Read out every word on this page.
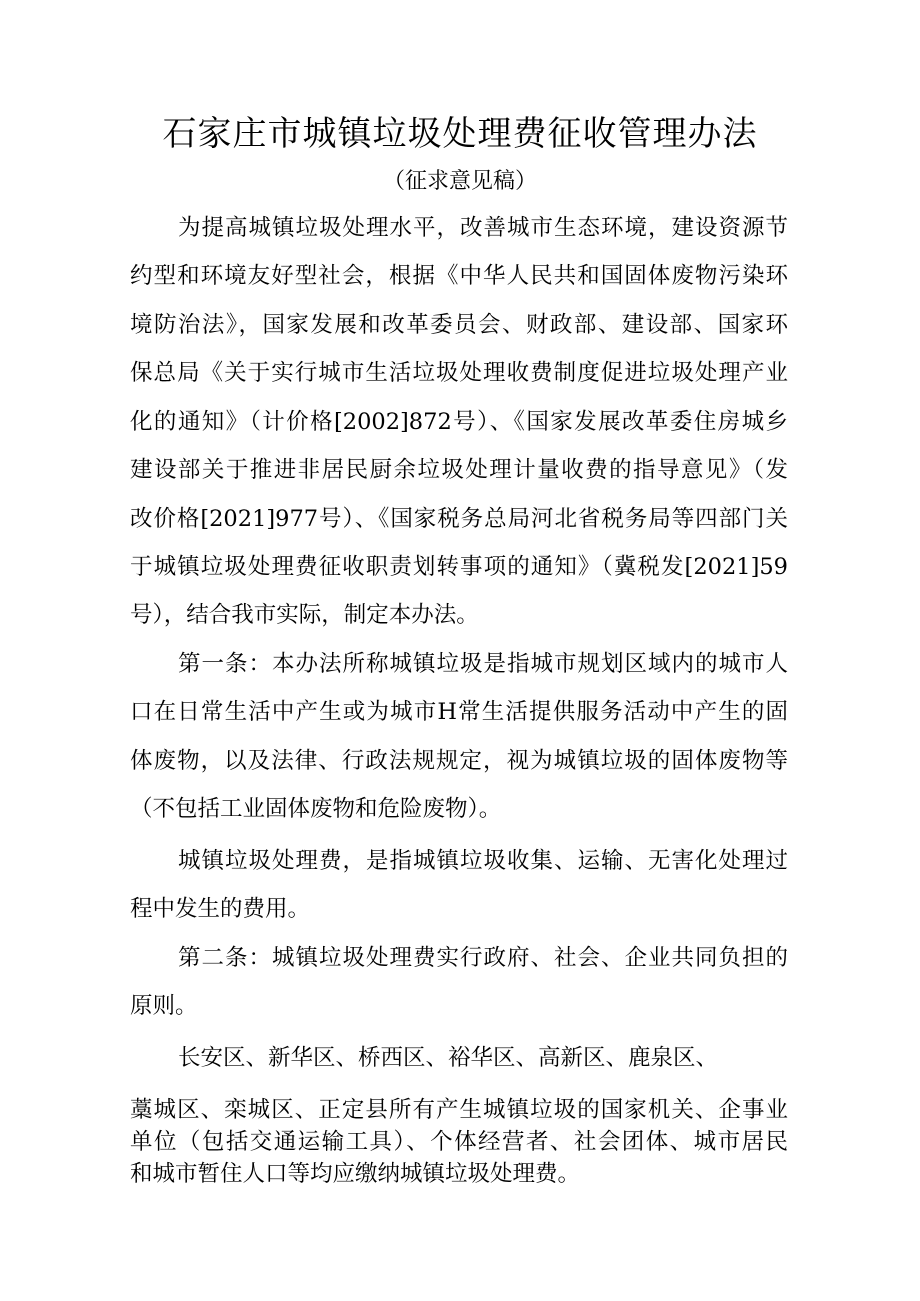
石家庄市城镇垃圾处理费征收管理办法
（征求意见稿）
为提高城镇垃圾处理水平，改善城市生态环境，建设资源节
约型和环境友好型社会，根据《中华人民共和国固体废物污染环
境防治法》，国家发展和改革委员会、财政部、建设部、国家环
保总局《关于实行城市生活垃圾处理收费制度促进垃圾处理产业
化的通知》（计价格[2002]872号）、《国家发展改革委住房城乡
建设部关于推进非居民厨余垃圾处理计量收费的指导意见》（发
改价格[2021]977号）、《国家税务总局河北省税务局等四部门关
于城镇垃圾处理费征收职责划转事项的通知》（冀税发[2021]59
号），结合我市实际，制定本办法。
第一条：本办法所称城镇垃圾是指城市规划区域内的城市人
口在日常生活中产生或为城市H常生活提供服务活动中产生的固
体废物，以及法律、行政法规规定，视为城镇垃圾的固体废物等
（不包括工业固体废物和危险废物）。
城镇垃圾处理费，是指城镇垃圾收集、运输、无害化处理过
程中发生的费用。
第二条：城镇垃圾处理费实行政府、社会、企业共同负担的
原则。
长安区、新华区、桥西区、裕华区、高新区、鹿泉区、
藁城区、栾城区、正定县所有产生城镇垃圾的国家机关、企事业
单位（包括交通运输工具）、个体经营者、社会团体、城市居民
和城市暂住人口等均应缴纳城镇垃圾处理费。
